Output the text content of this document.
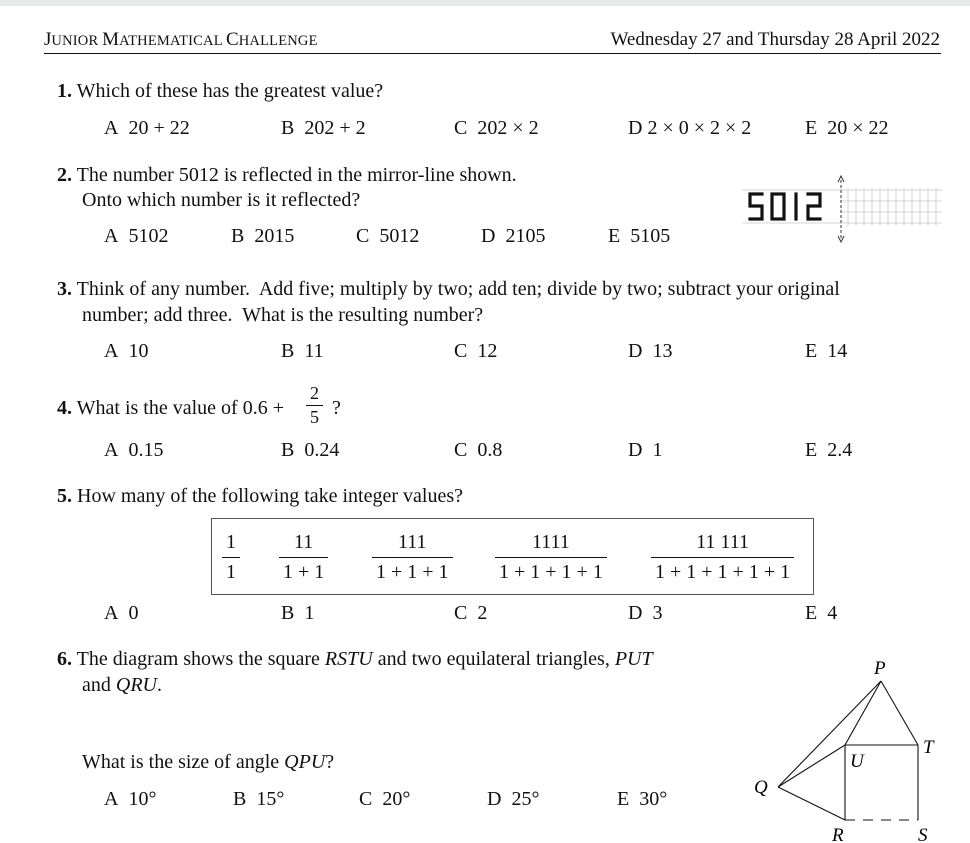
JUNIOR MATHEMATICAL CHALLENGE	Wednesday 27 and Thursday 28 April 2022
1. Which of these has the greatest value?
A 20 + 22	B 202 + 2	C 202 × 2	D 2 × 0 × 2 × 2	E 20 × 22
2. The number 5012 is reflected in the mirror-line shown.
Onto which number is it reflected?
A 5102	B 2015	C 5012	D 2105	E 5105
3. Think of any number.  Add five; multiply by two; add ten; divide by two; subtract your original
number; add three.  What is the resulting number?
A 10	B 11	C 12	D 13	E 14
4. What is the value of 0.6 +
2
5 ?
A 0.15	B 0.24	C 0.8	D 1	E 2.4
5. How many of the following take integer values?
1
1
11
1 + 1
111
1 + 1 + 1
1111
1 + 1 + 1 + 1
11 111
1 + 1 + 1 + 1 + 1
A 0	B 1	C 2	D 3	E 4
6. The diagram shows the square RSTU and two equilateral triangles, PUT
and QRU.
What is the size of angle QPU?
P
T
U
Q
R	S
A 10°	B 15°	C 20°	D 25°	E 30°
